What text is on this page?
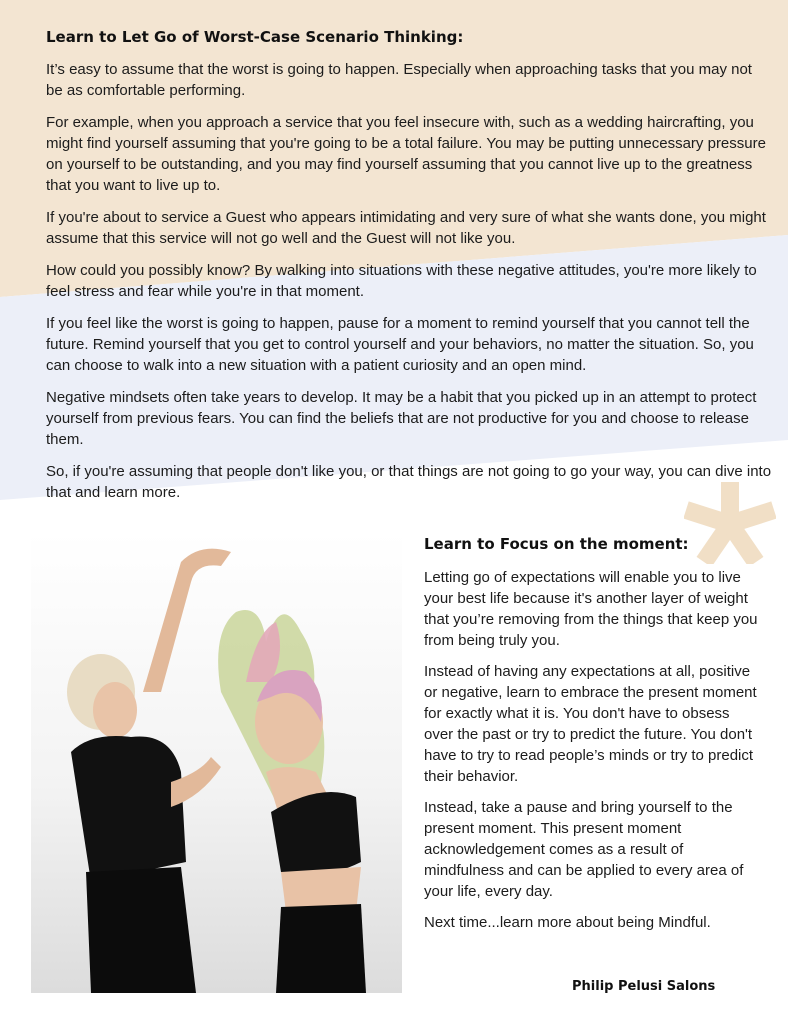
Learn to Let Go of Worst-Case Scenario Thinking:

It’s easy to assume that the worst is going to happen. Especially when approaching tasks that you may not be as comfortable performing.

For example, when you approach a service that you feel insecure with, such as a wedding haircrafting, you might find yourself assuming that you're going to be a total failure. You may be putting unnecessary pressure on yourself to be outstanding, and you may find yourself assuming that you cannot live up to the greatness that you want to live up to.

If you're about to service a Guest who appears intimidating and very sure of what she wants done, you might assume that this service will not go well and the Guest will not like you.

How could you possibly know? By walking into situations with these negative attitudes, you're more likely to feel stress and fear while you're in that moment.

If you feel like the worst is going to happen, pause for a moment to remind yourself that you cannot tell the future. Remind yourself that you get to control yourself and your behaviors, no matter the situation. So, you can choose to walk into a new situation with a patient curiosity and an open mind.

Negative mindsets often take years to develop. It may be a habit that you picked up in an attempt to protect yourself from previous fears. You can find the beliefs that are not productive for you and choose to release them.

So, if you're assuming that people don't like you, or that things are not going to go your way, you can dive into that and learn more.

Learn to Focus on the moment:

Letting go of expectations will enable you to live your best life because it's another layer of weight that you’re removing from the things that keep you from being truly you.

Instead of having any expectations at all, positive or negative, learn to embrace the present moment for exactly what it is. You don't have to obsess over the past or try to predict the future. You don't have to try to read people’s minds or try to predict their behavior.

Instead, take a pause and bring yourself to the present moment. This present moment acknowledgement comes as a result of mindfulness and can be applied to every area of your life, every day.

Next time...learn more about being Mindful.

Philip Pelusi Salons
